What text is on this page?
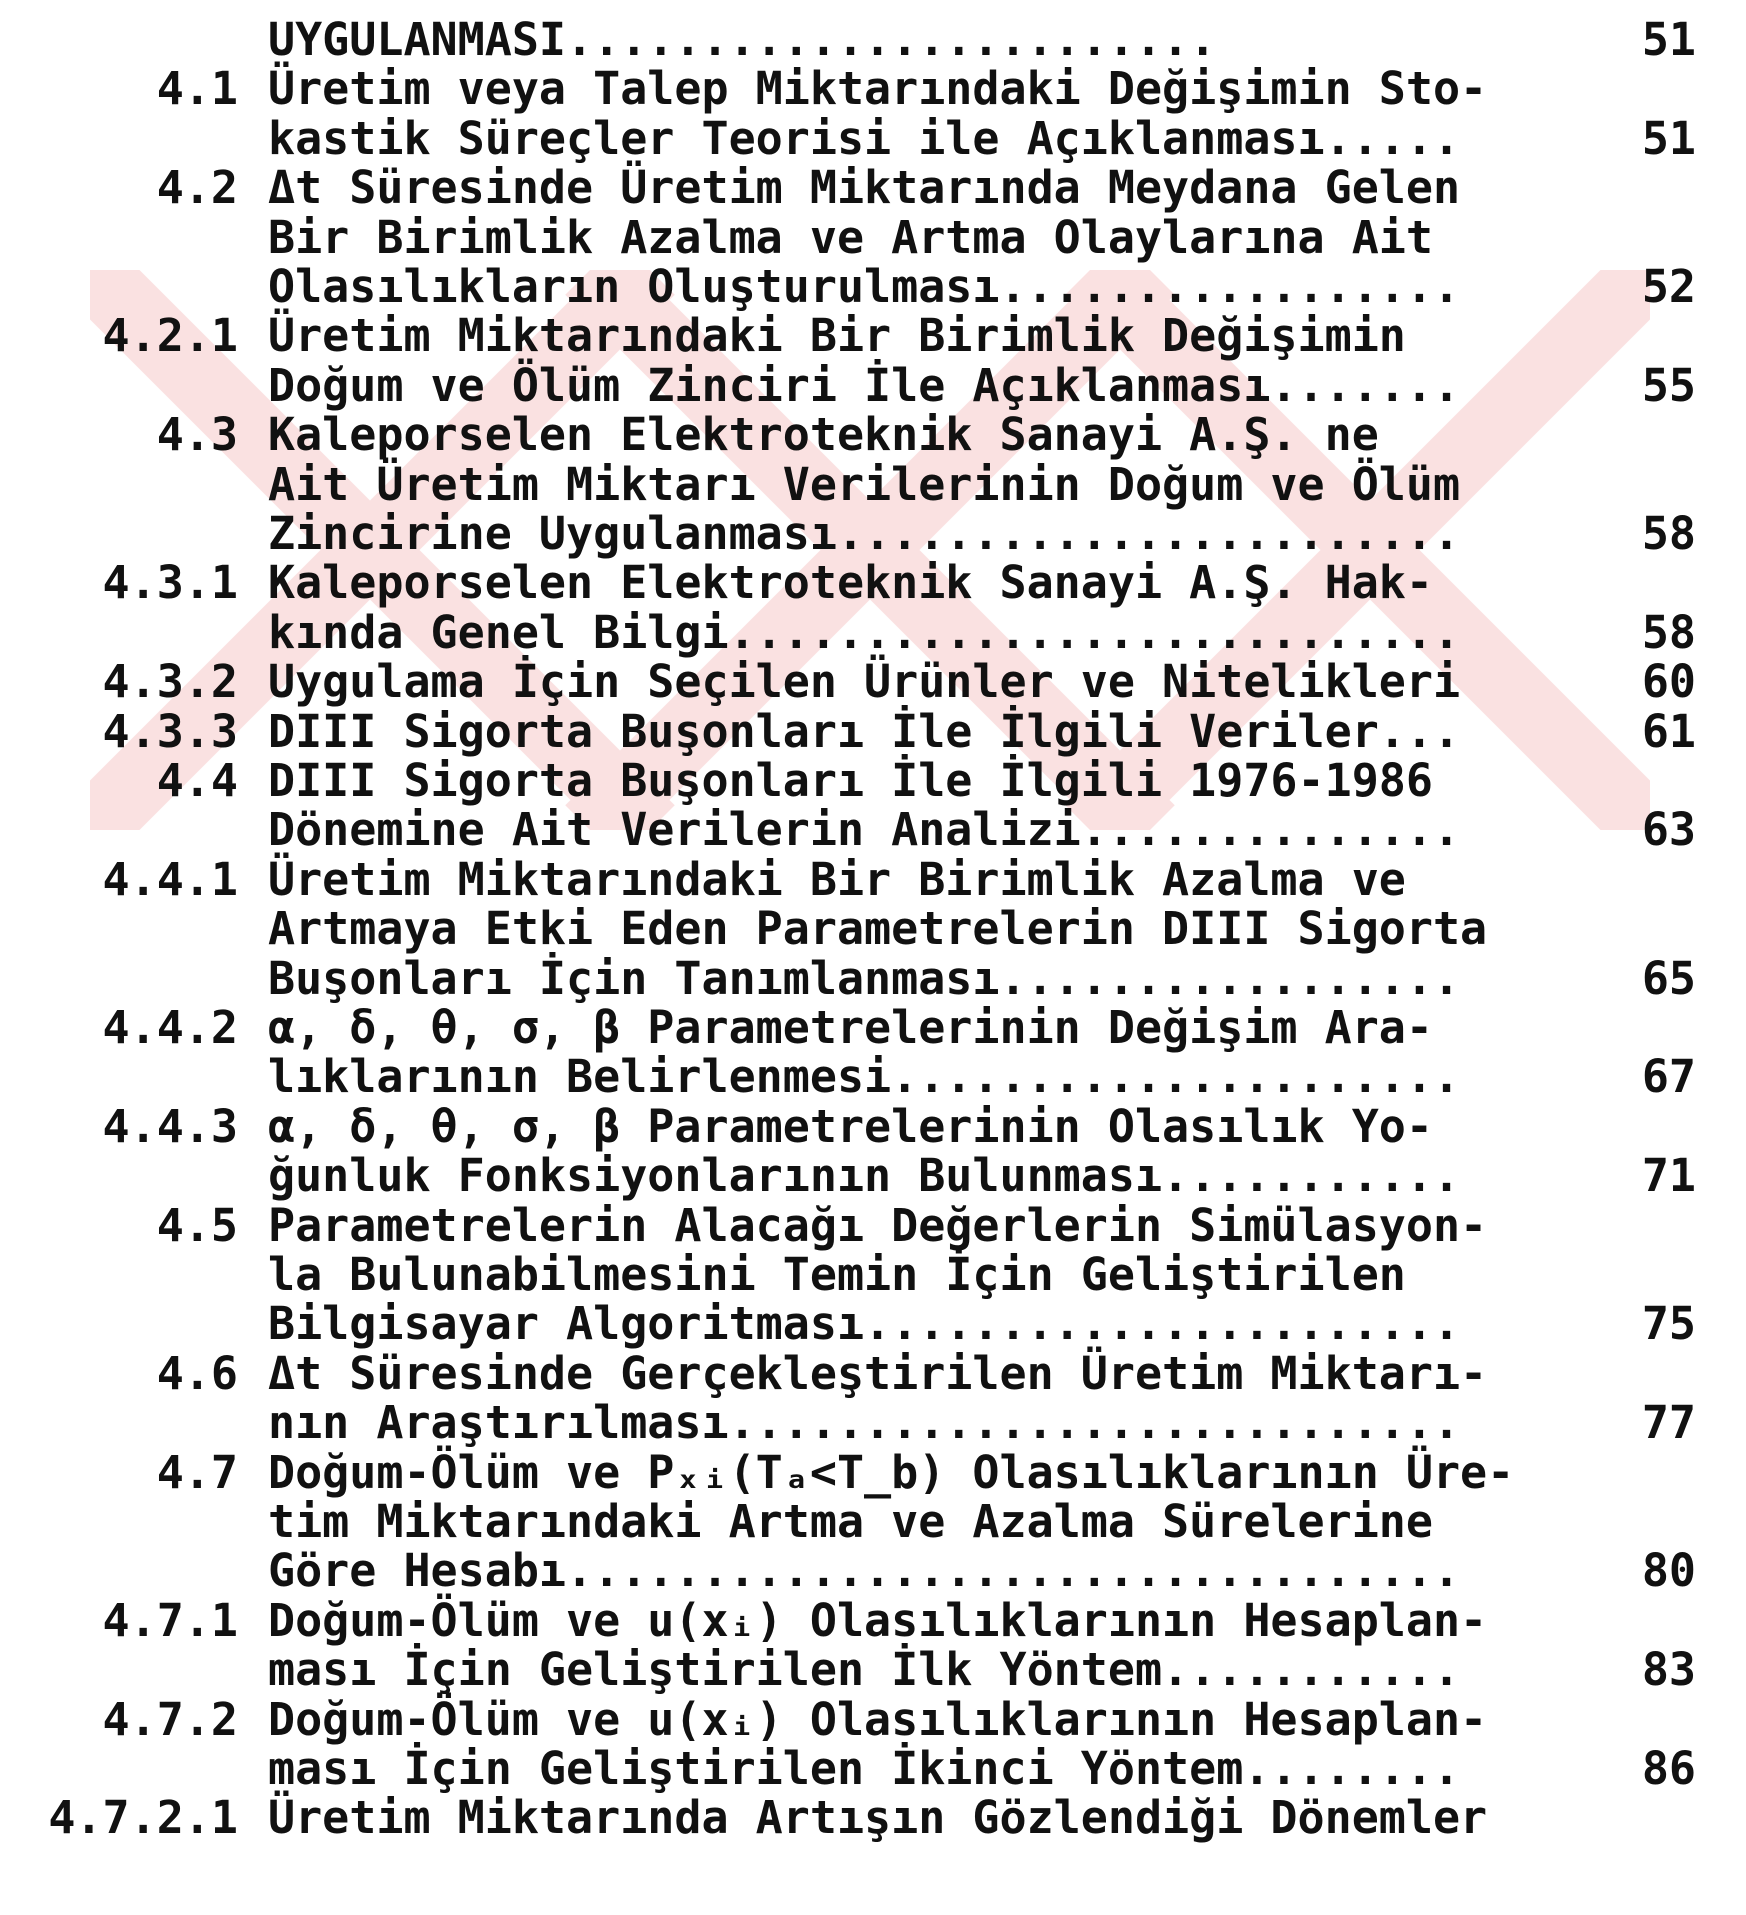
UYGULANMASI........................	51
4.1 Üretim veya Talep Miktarındaki Değişimin Sto-
kastik Süreçler Teorisi ile Açıklanması.....	51
4.2 Δt Süresinde Üretim Miktarında Meydana Gelen
Bir Birimlik Azalma ve Artma Olaylarına Ait
Olasılıkların Oluşturulması.................	52
4.2.1 Üretim Miktarındaki Bir Birimlik Değişimin
Doğum ve Ölüm Zinciri İle Açıklanması.......	55
4.3 Kaleporselen Elektroteknik Sanayi A.Ş. ne
Ait Üretim Miktarı Verilerinin Doğum ve Ölüm
Zincirine Uygulanması.......................	58
4.3.1 Kaleporselen Elektroteknik Sanayi A.Ş. Hak-
kında Genel Bilgi...........................	58
4.3.2 Uygulama İçin Seçilen Ürünler ve Nitelikleri	60
4.3.3 DIII Sigorta Buşonları İle İlgili Veriler...	61
4.4 DIII Sigorta Buşonları İle İlgili 1976-1986
Dönemine Ait Verilerin Analizi..............	63
4.4.1 Üretim Miktarındaki Bir Birimlik Azalma ve
Artmaya Etki Eden Parametrelerin DIII Sigorta
Buşonları İçin Tanımlanması.................	65
4.4.2 α, δ, θ, σ, β Parametrelerinin Değişim Ara-
lıklarının Belirlenmesi.....................	67
4.4.3 α, δ, θ, σ, β Parametrelerinin Olasılık Yo-
ğunluk Fonksiyonlarının Bulunması...........	71
4.5 Parametrelerin Alacağı Değerlerin Simülasyon-
la Bulunabilmesini Temin İçin Geliştirilen
Bilgisayar Algoritması......................	75
4.6 Δt Süresinde Gerçekleştirilen Üretim Miktarı-
nın Araştırılması...........................	77
4.7 Doğum-Ölüm ve Pₓᵢ(Tₐ<T_b) Olasılıklarının Üre-
tim Miktarındaki Artma ve Azalma Sürelerine
Göre Hesabı.................................	80
4.7.1 Doğum-Ölüm ve u(xᵢ) Olasılıklarının Hesaplan-
ması İçin Geliştirilen İlk Yöntem...........	83
4.7.2 Doğum-Ölüm ve u(xᵢ) Olasılıklarının Hesaplan-
ması İçin Geliştirilen İkinci Yöntem........	86
4.7.2.1 Üretim Miktarında Artışın Gözlendiği Dönemler
